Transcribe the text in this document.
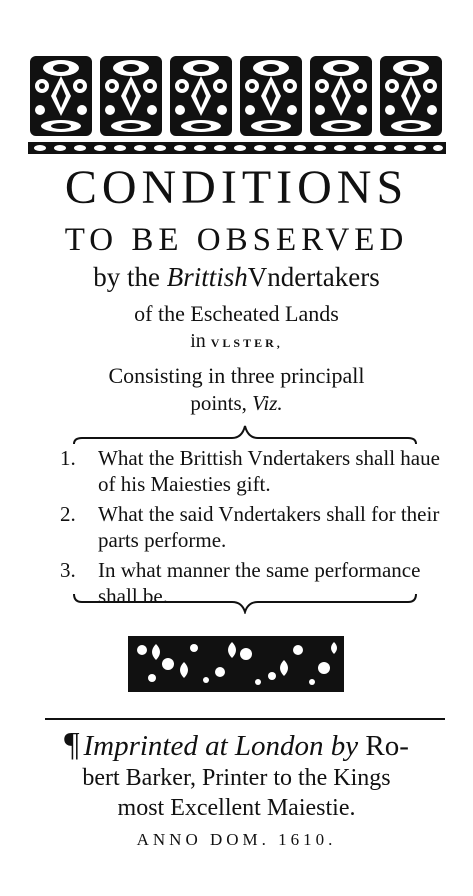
CONDITIONS
TO BE OBSERVED
by the BrittishVndertakers
of the Escheated Lands
in VLSTER,
Consisting in three principall
points, Viz.
1. What the Brittish Vndertakers shall haue of his Maiesties gift.
2. What the said Vndertakers shall for their parts performe.
3. In what manner the same performance shall be.
¶ Imprinted at London by Ro-
bert Barker, Printer to the Kings
most Excellent Maiestie.
ANNO DOM. 1610.
